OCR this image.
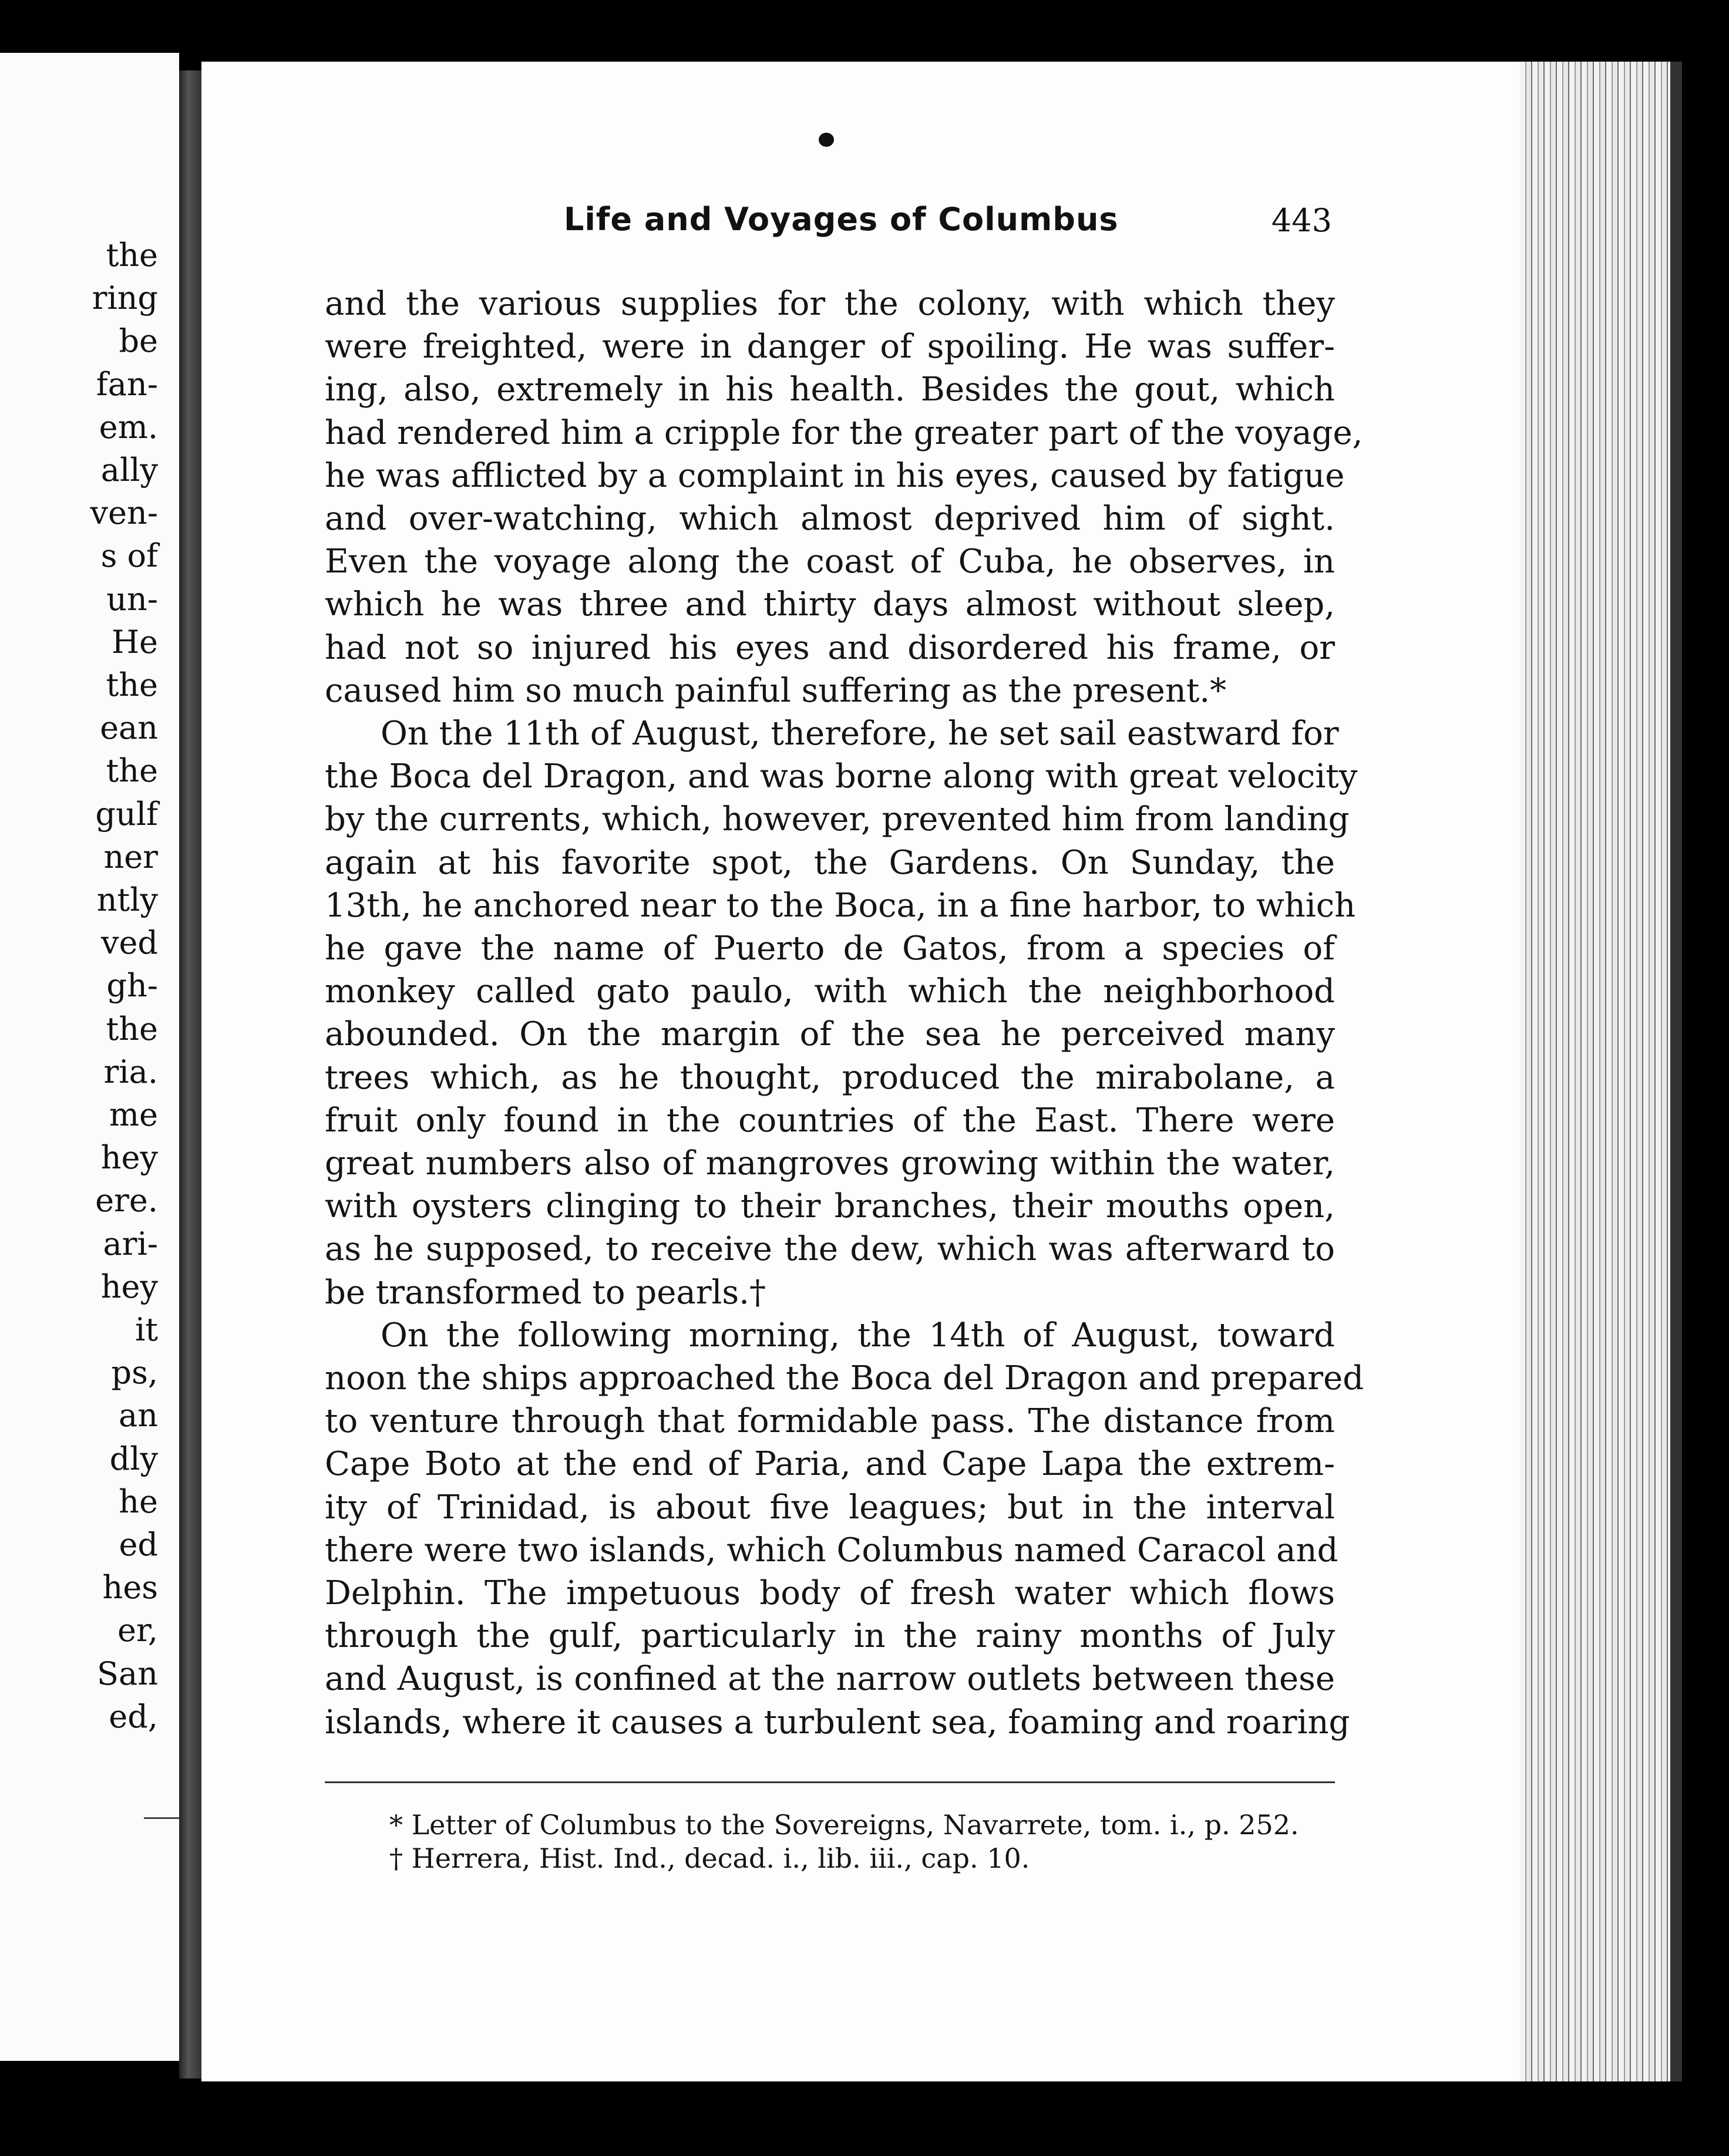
the
ring
be
fan-
em.
ally
ven-
s of
un-
He
the
ean
the
gulf
ner
ntly
ved
gh-
the
ria.
me
hey
ere.
ari-
hey
it
ps,
an
dly
he
ed
hes
er,
San
ed,
Life and Voyages of Columbus	443
and the various supplies for the colony, with which they
were freighted, were in danger of spoiling. He was suffer-
ing, also, extremely in his health. Besides the gout, which
had rendered him a cripple for the greater part of the voyage,
he was afflicted by a complaint in his eyes, caused by fatigue
and over-watching, which almost deprived him of sight.
Even the voyage along the coast of Cuba, he observes, in
which he was three and thirty days almost without sleep,
had not so injured his eyes and disordered his frame, or
caused him so much painful suffering as the present.*
On the 11th of August, therefore, he set sail eastward for
the Boca del Dragon, and was borne along with great velocity
by the currents, which, however, prevented him from landing
again at his favorite spot, the Gardens. On Sunday, the
13th, he anchored near to the Boca, in a fine harbor, to which
he gave the name of Puerto de Gatos, from a species of
monkey called gato paulo, with which the neighborhood
abounded. On the margin of the sea he perceived many
trees which, as he thought, produced the mirabolane, a
fruit only found in the countries of the East. There were
great numbers also of mangroves growing within the water,
with oysters clinging to their branches, their mouths open,
as he supposed, to receive the dew, which was afterward to
be transformed to pearls.†
On the following morning, the 14th of August, toward
noon the ships approached the Boca del Dragon and prepared
to venture through that formidable pass. The distance from
Cape Boto at the end of Paria, and Cape Lapa the extrem-
ity of Trinidad, is about five leagues; but in the interval
there were two islands, which Columbus named Caracol and
Delphin. The impetuous body of fresh water which flows
through the gulf, particularly in the rainy months of July
and August, is confined at the narrow outlets between these
islands, where it causes a turbulent sea, foaming and roaring
* Letter of Columbus to the Sovereigns, Navarrete, tom. i., p. 252.
† Herrera, Hist. Ind., decad. i., lib. iii., cap. 10.
